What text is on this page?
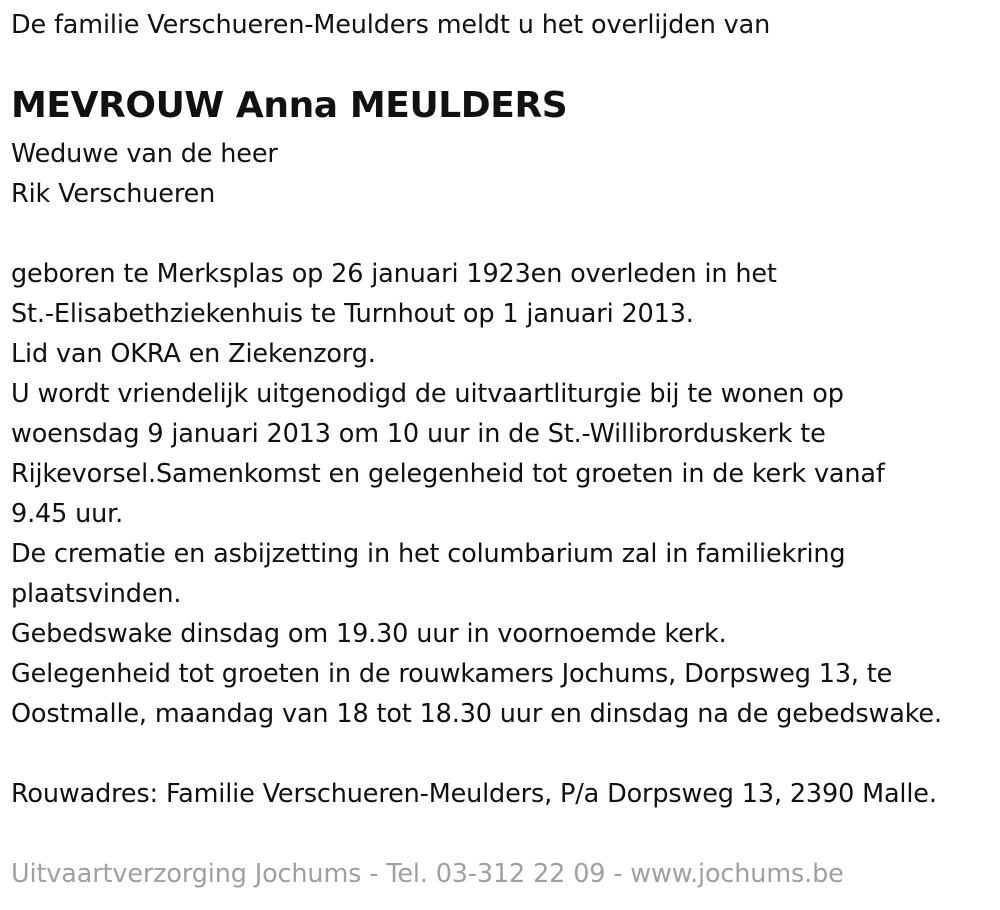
De familie Verschueren-Meulders meldt u het overlijden van

MEVROUW Anna MEULDERS

Weduwe van de heer

Rik Verschueren

geboren te Merksplas op 26 januari 1923en overleden in het

St.-Elisabethziekenhuis te Turnhout op 1 januari 2013.

Lid van OKRA en Ziekenzorg.

U wordt vriendelijk uitgenodigd de uitvaartliturgie bij te wonen op

woensdag 9 januari 2013 om 10 uur in de St.-Willibrorduskerk te

Rijkevorsel.Samenkomst en gelegenheid tot groeten in de kerk vanaf

9.45 uur.

De crematie en asbijzetting in het columbarium zal in familiekring

plaatsvinden.

Gebedswake dinsdag om 19.30 uur in voornoemde kerk.

Gelegenheid tot groeten in de rouwkamers Jochums, Dorpsweg 13, te

Oostmalle, maandag van 18 tot 18.30 uur en dinsdag na de gebedswake.

Rouwadres: Familie Verschueren-Meulders, P/a Dorpsweg 13, 2390 Malle.

Uitvaartverzorging Jochums - Tel. 03-312 22 09 - www.jochums.be
